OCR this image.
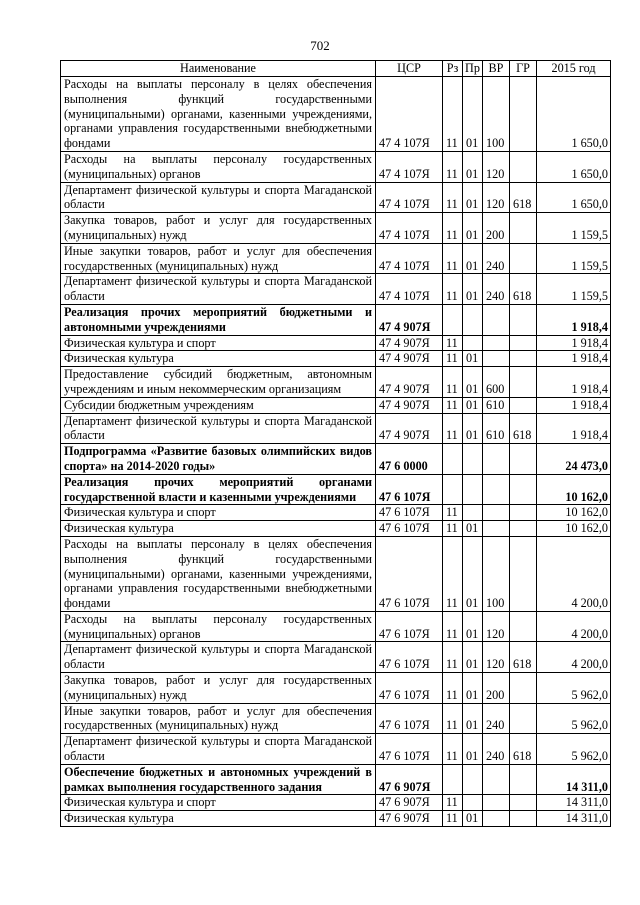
702
Наименование	ЦСР	Рз	Пр	ВР	ГР	2015 год
Расходы на выплаты персоналу в целях обеспечения выполнения функций государственными (муниципальными) органами, казенными учреждениями, органами управления государственными внебюджетными фондами	47 4 107Я	11	01	100		1 650,0
Расходы на выплаты персоналу государственных (муниципальных) органов	47 4 107Я	11	01	120		1 650,0
Департамент физической культуры и спорта Магаданской области	47 4 107Я	11	01	120	618	1 650,0
Закупка товаров, работ и услуг для государственных (муниципальных) нужд	47 4 107Я	11	01	200		1 159,5
Иные закупки товаров, работ и услуг для обеспечения государственных (муниципальных) нужд	47 4 107Я	11	01	240		1 159,5
Департамент физической культуры и спорта Магаданской области	47 4 107Я	11	01	240	618	1 159,5
Реализация прочих мероприятий бюджетными и автономными учреждениями	47 4 907Я					1 918,4
Физическая культура и спорт	47 4 907Я	11				1 918,4
Физическая культура	47 4 907Я	11	01			1 918,4
Предоставление субсидий бюджетным, автономным учреждениям и иным некоммерческим организациям	47 4 907Я	11	01	600		1 918,4
Субсидии бюджетным учреждениям	47 4 907Я	11	01	610		1 918,4
Департамент физической культуры и спорта Магаданской области	47 4 907Я	11	01	610	618	1 918,4
Подпрограмма «Развитие базовых олимпийских видов спорта» на 2014-2020 годы»	47 6 0000					24 473,0
Реализация прочих мероприятий органами государственной власти и казенными учреждениями	47 6 107Я					10 162,0
Физическая культура и спорт	47 6 107Я	11				10 162,0
Физическая культура	47 6 107Я	11	01			10 162,0
Расходы на выплаты персоналу в целях обеспечения выполнения функций государственными (муниципальными) органами, казенными учреждениями, органами управления государственными внебюджетными фондами	47 6 107Я	11	01	100		4 200,0
Расходы на выплаты персоналу государственных (муниципальных) органов	47 6 107Я	11	01	120		4 200,0
Департамент физической культуры и спорта Магаданской области	47 6 107Я	11	01	120	618	4 200,0
Закупка товаров, работ и услуг для государственных (муниципальных) нужд	47 6 107Я	11	01	200		5 962,0
Иные закупки товаров, работ и услуг для обеспечения государственных (муниципальных) нужд	47 6 107Я	11	01	240		5 962,0
Департамент физической культуры и спорта Магаданской области	47 6 107Я	11	01	240	618	5 962,0
Обеспечение бюджетных и автономных учреждений в рамках выполнения государственного задания	47 6 907Я					14 311,0
Физическая культура и спорт	47 6 907Я	11				14 311,0
Физическая культура	47 6 907Я	11	01			14 311,0
